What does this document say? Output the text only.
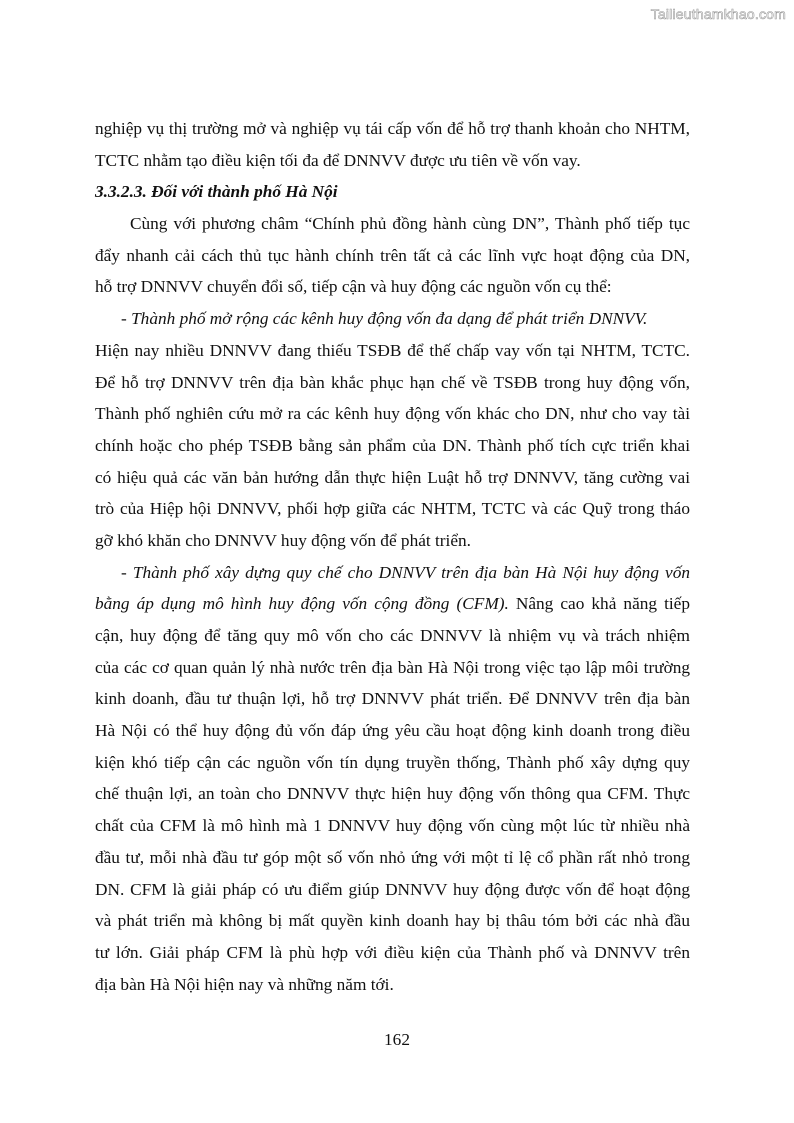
Tailieuthamkhao.com
nghiệp vụ thị trường mở và nghiệp vụ tái cấp vốn để hỗ trợ thanh khoản cho NHTM,
TCTC nhằm tạo điều kiện tối đa để DNNVV được ưu tiên về vốn vay.
3.3.2.3. Đối với thành phố Hà Nội
Cùng với phương châm “Chính phủ đồng hành cùng DN”, Thành phố tiếp tục
đẩy nhanh cải cách thủ tục hành chính trên tất cả các lĩnh vực hoạt động của DN,
hỗ trợ DNNVV chuyển đổi số, tiếp cận và huy động các nguồn vốn cụ thể:
- Thành phố mở rộng các kênh huy động vốn đa dạng để phát triển DNNVV.
Hiện nay nhiều DNNVV đang thiếu TSĐB để thế chấp vay vốn tại NHTM, TCTC.
Để hỗ trợ DNNVV trên địa bàn khắc phục hạn chế về TSĐB trong huy động vốn,
Thành phố nghiên cứu mở ra các kênh huy động vốn khác cho DN, như cho vay tài
chính hoặc cho phép TSĐB bằng sản phẩm của DN. Thành phố tích cực triển khai
có hiệu quả các văn bản hướng dẫn thực hiện Luật hỗ trợ DNNVV, tăng cường vai
trò của Hiệp hội DNNVV, phối hợp giữa các NHTM, TCTC và các Quỹ trong tháo
gỡ khó khăn cho DNNVV huy động vốn để phát triển.
- Thành phố xây dựng quy chế cho DNNVV trên địa bàn Hà Nội huy động vốn
bằng áp dụng mô hình huy động vốn cộng đồng (CFM). Nâng cao khả năng tiếp
cận, huy động để tăng quy mô vốn cho các DNNVV là nhiệm vụ và trách nhiệm
của các cơ quan quản lý nhà nước trên địa bàn Hà Nội trong việc tạo lập môi trường
kinh doanh, đầu tư thuận lợi, hỗ trợ DNNVV phát triển. Để DNNVV trên địa bàn
Hà Nội có thể huy động đủ vốn đáp ứng yêu cầu hoạt động kinh doanh trong điều
kiện khó tiếp cận các nguồn vốn tín dụng truyền thống, Thành phố xây dựng quy
chế thuận lợi, an toàn cho DNNVV thực hiện huy động vốn thông qua CFM. Thực
chất của CFM là mô hình mà 1 DNNVV huy động vốn cùng một lúc từ nhiều nhà
đầu tư, mỗi nhà đầu tư góp một số vốn nhỏ ứng với một tỉ lệ cổ phần rất nhỏ trong
DN. CFM là giải pháp có ưu điểm giúp DNNVV huy động được vốn để hoạt động
và phát triển mà không bị mất quyền kinh doanh hay bị thâu tóm bởi các nhà đầu
tư lớn. Giải pháp CFM là phù hợp với điều kiện của Thành phố và DNNVV trên
địa bàn Hà Nội hiện nay và những năm tới.
162
